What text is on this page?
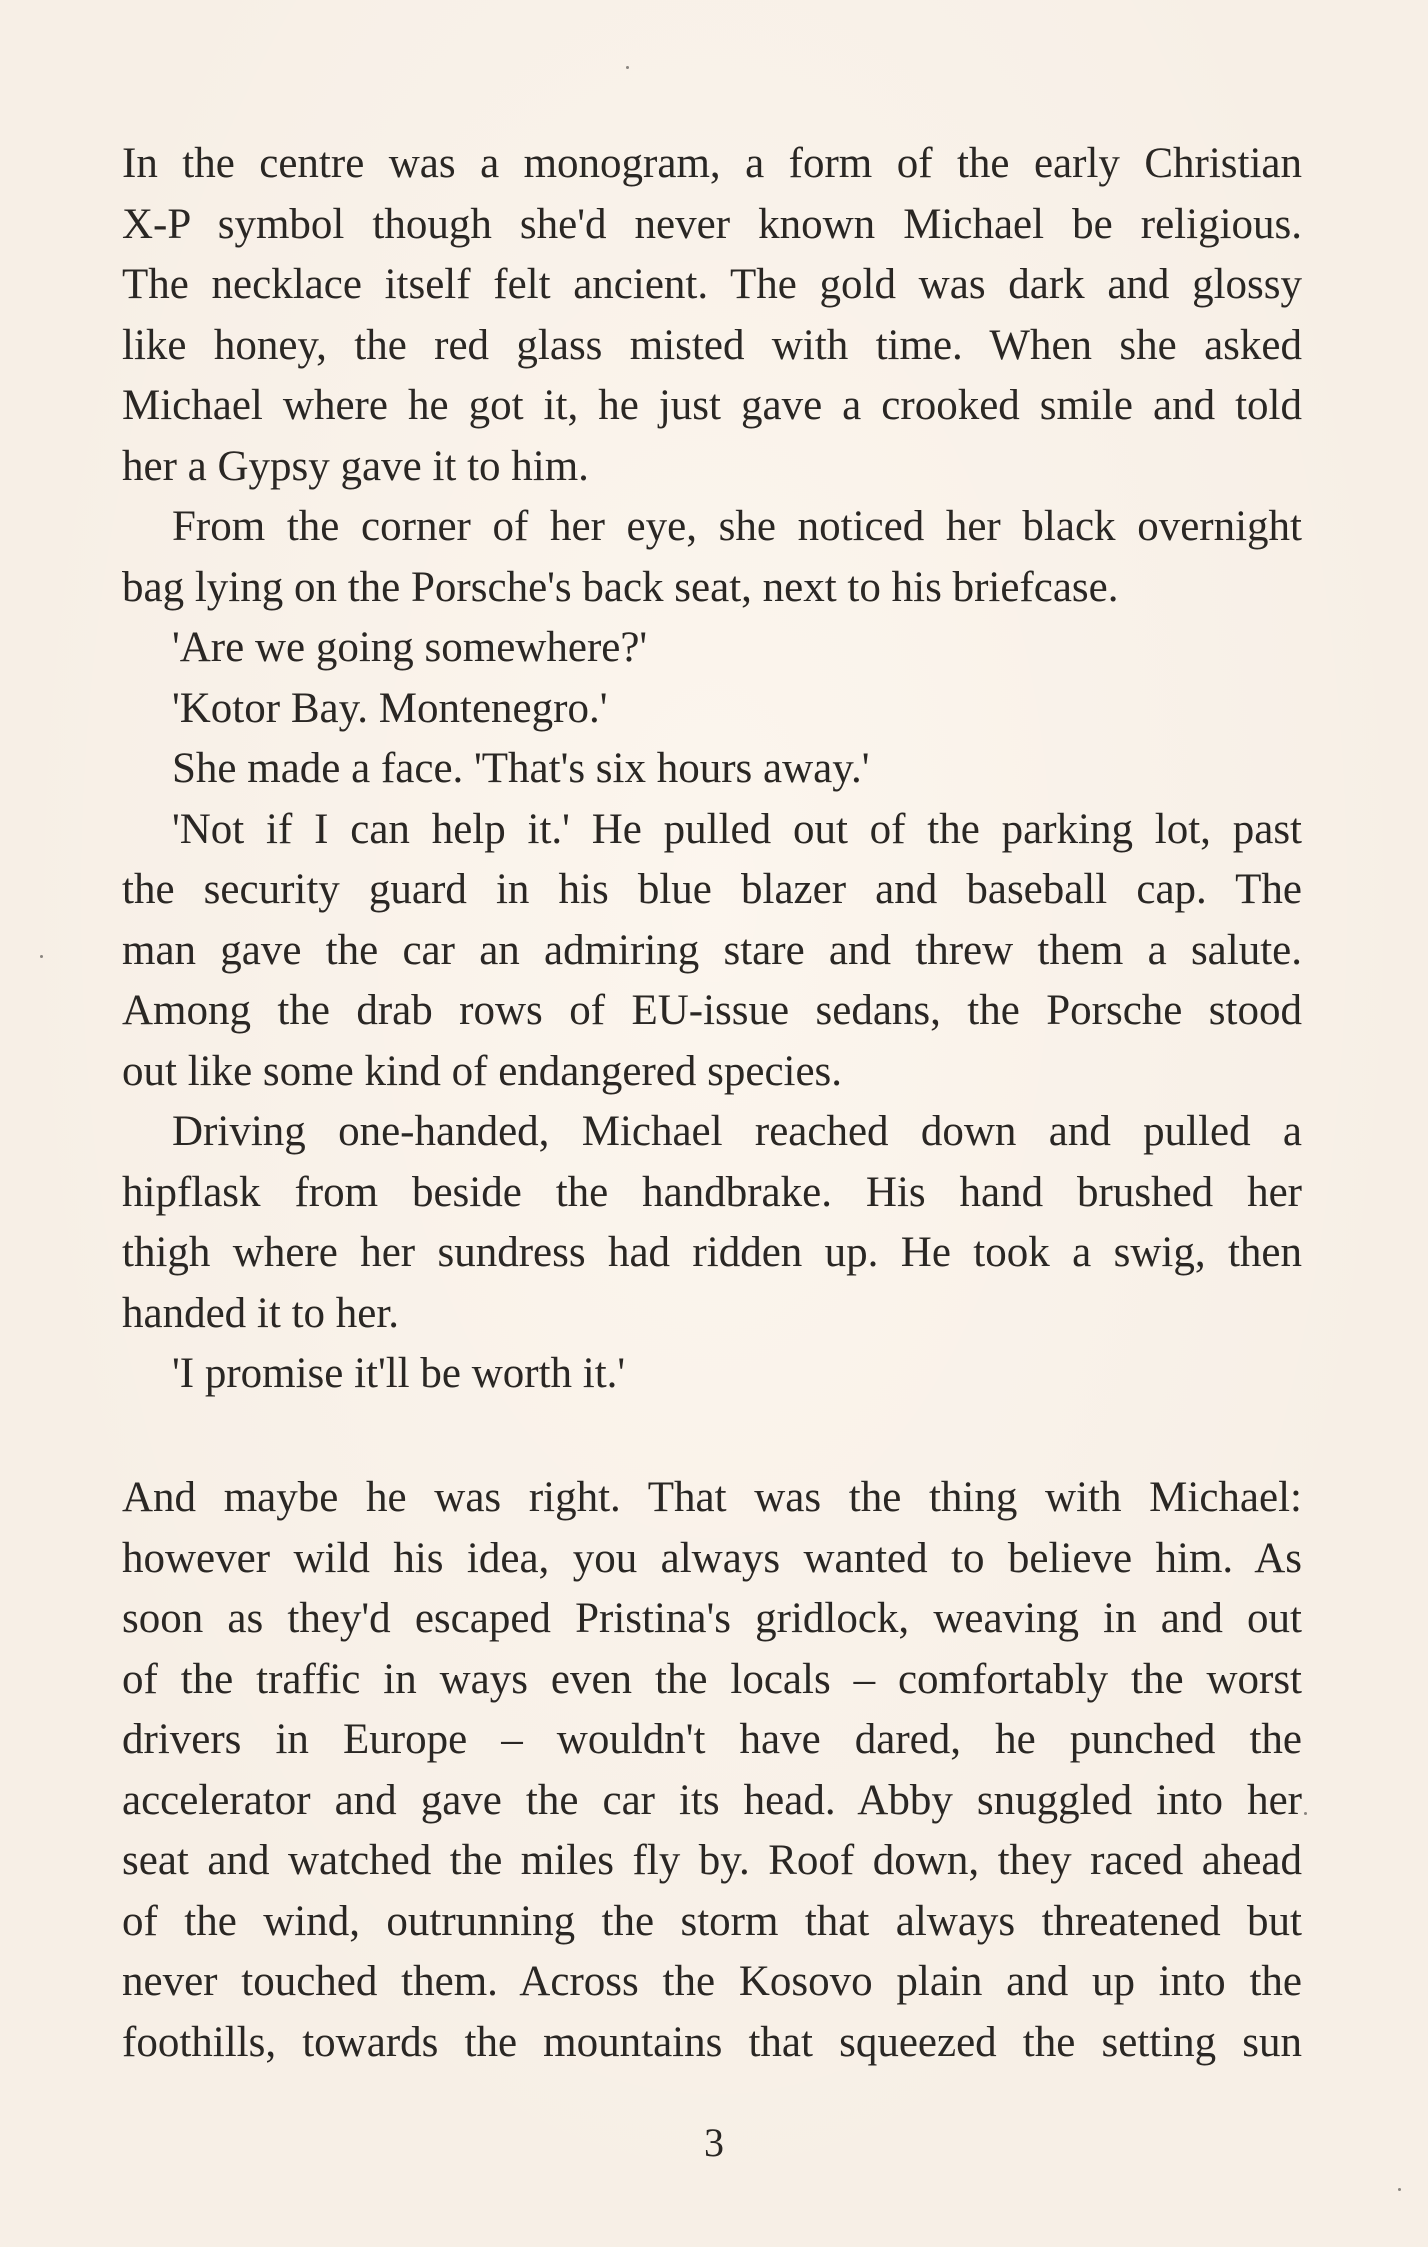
In the centre was a monogram, a form of the early Christian
X-P symbol though she'd never known Michael be religious.
The necklace itself felt ancient. The gold was dark and glossy
like honey, the red glass misted with time. When she asked
Michael where he got it, he just gave a crooked smile and told
her a Gypsy gave it to him.
From the corner of her eye, she noticed her black overnight
bag lying on the Porsche's back seat, next to his briefcase.
'Are we going somewhere?'
'Kotor Bay. Montenegro.'
She made a face. 'That's six hours away.'
'Not if I can help it.' He pulled out of the parking lot, past
the security guard in his blue blazer and baseball cap. The
man gave the car an admiring stare and threw them a salute.
Among the drab rows of EU-issue sedans, the Porsche stood
out like some kind of endangered species.
Driving one-handed, Michael reached down and pulled a
hipflask from beside the handbrake. His hand brushed her
thigh where her sundress had ridden up. He took a swig, then
handed it to her.
'I promise it'll be worth it.'
And maybe he was right. That was the thing with Michael:
however wild his idea, you always wanted to believe him. As
soon as they'd escaped Pristina's gridlock, weaving in and out
of the traffic in ways even the locals – comfortably the worst
drivers in Europe – wouldn't have dared, he punched the
accelerator and gave the car its head. Abby snuggled into her
seat and watched the miles fly by. Roof down, they raced ahead
of the wind, outrunning the storm that always threatened but
never touched them. Across the Kosovo plain and up into the
foothills, towards the mountains that squeezed the setting sun
3
